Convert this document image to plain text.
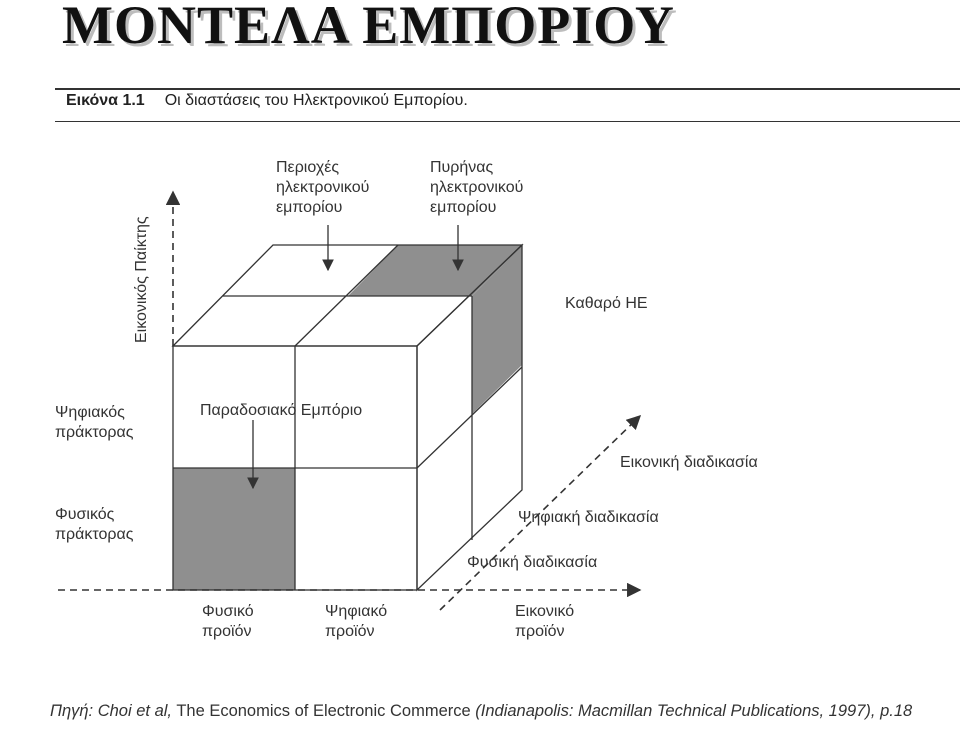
ΜΟΝΤΕΛΑ ΕΜΠΟΡΙΟΥ
Εικόνα 1.1 Οι διαστάσεις του Ηλεκτρονικού Εμπορίου.
Περιοχές
ηλεκτρονικού
εμπορίου
Πυρήνας
ηλεκτρονικού
εμπορίου
Καθαρό ΗΕ
Παραδοσιακό Εμπόριο
Εικονικός Παίκτης
Ψηφιακός
πράκτορας
Φυσικός
πράκτορας
Εικονική διαδικασία
Ψηφιακή διαδικασία
Φυσική διαδικασία
Φυσικό
προϊόν
Ψηφιακό
προϊόν
Εικονικό
προϊόν
Πηγή: Choi et al, The Economics of Electronic Commerce (Indianapolis: Macmillan Technical Publications, 1997), p.18
